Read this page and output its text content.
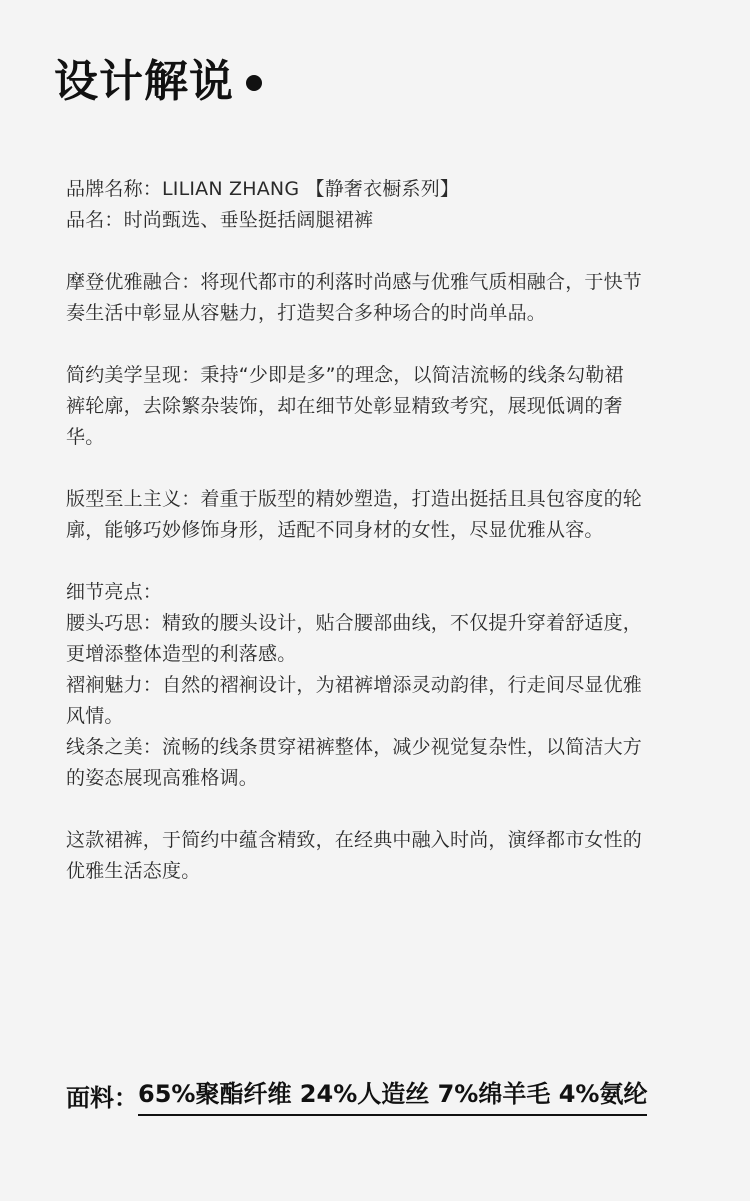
设计解说

品牌名称：LILIAN ZHANG 【静奢衣橱系列】

品名：时尚甄选、垂坠挺括阔腿裙裤

摩登优雅融合：将现代都市的利落时尚感与优雅气质相融合，于快节

奏生活中彰显从容魅力，打造契合多种场合的时尚单品。

简约美学呈现：秉持“少即是多”的理念，以简洁流畅的线条勾勒裙

裤轮廓，去除繁杂装饰，却在细节处彰显精致考究，展现低调的奢

华。

版型至上主义：着重于版型的精妙塑造，打造出挺括且具包容度的轮

廓，能够巧妙修饰身形，适配不同身材的女性，尽显优雅从容。

细节亮点：

腰头巧思：精致的腰头设计，贴合腰部曲线，不仅提升穿着舒适度，

更增添整体造型的利落感。

褶裥魅力：自然的褶裥设计，为裙裤增添灵动韵律，行走间尽显优雅

风情。

线条之美：流畅的线条贯穿裙裤整体，减少视觉复杂性，以简洁大方

的姿态展现高雅格调。

这款裙裤，于简约中蕴含精致，在经典中融入时尚，演绎都市女性的

优雅生活态度。

面料： 65%聚酯纤维 24%人造丝 7%绵羊毛 4%氨纶
